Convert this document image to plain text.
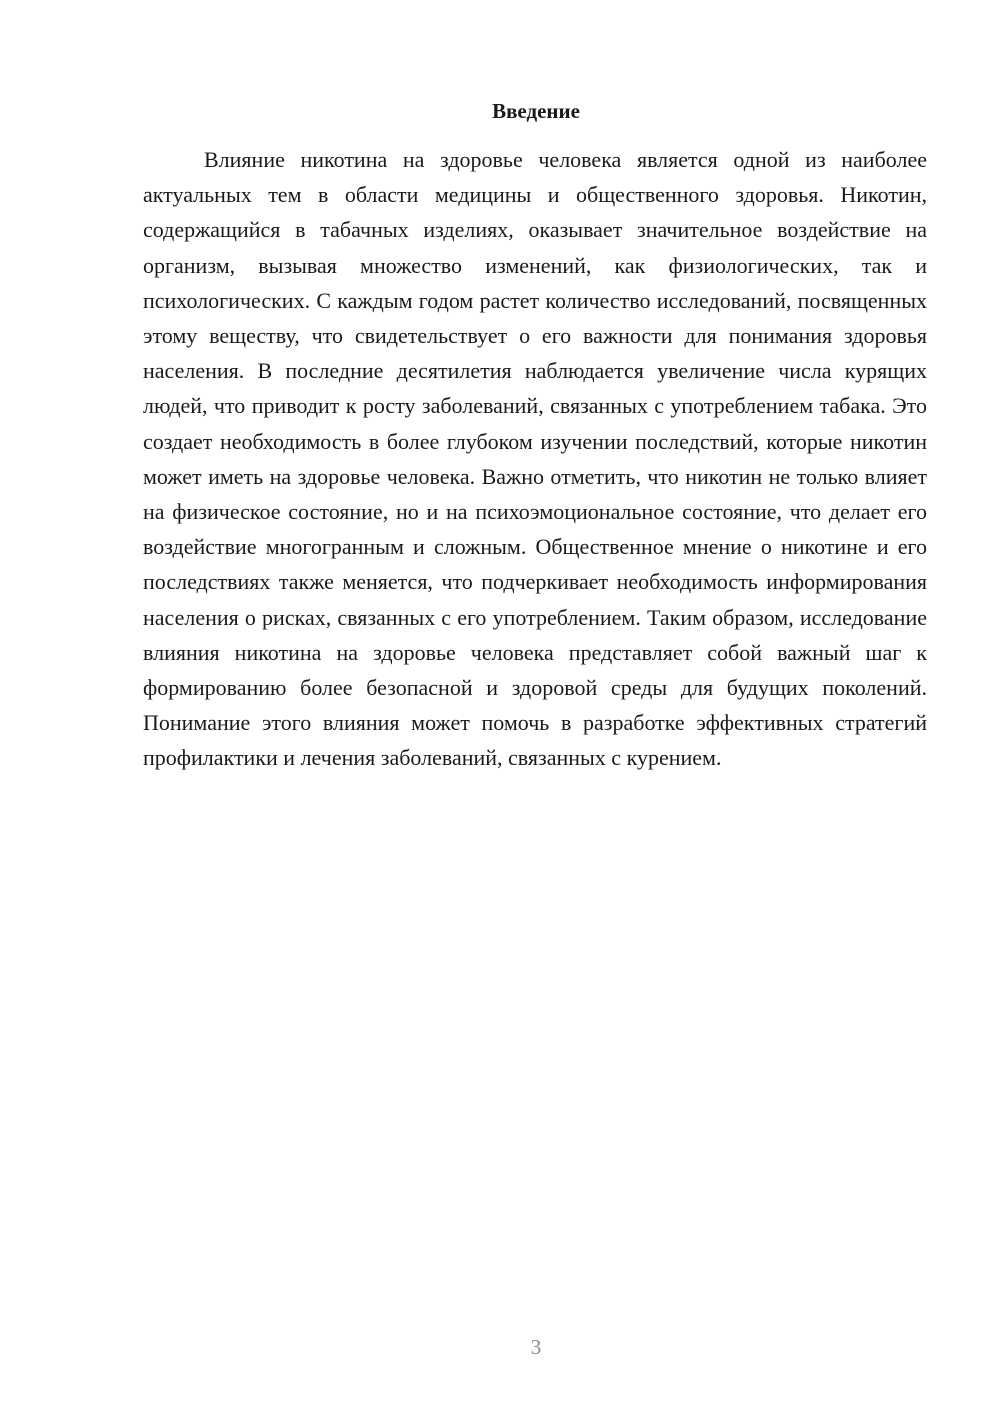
Введение

Влияние никотина на здоровье человека является одной из наиболее актуальных тем в области медицины и общественного здоровья. Никотин, содержащийся в табачных изделиях, оказывает значительное воздействие на организм, вызывая множество изменений, как физиологических, так и психологических. С каждым годом растет количество исследований, посвященных этому веществу, что свидетельствует о его важности для понимания здоровья населения. В последние десятилетия наблюдается увеличение числа курящих людей, что приводит к росту заболеваний, связанных с употреблением табака. Это создает необходимость в более глубоком изучении последствий, которые никотин может иметь на здоровье человека. Важно отметить, что никотин не только влияет на физическое состояние, но и на психоэмоциональное состояние, что делает его воздействие многогранным и сложным. Общественное мнение о никотине и его последствиях также меняется, что подчеркивает необходимость информирования населения о рисках, связанных с его употреблением. Таким образом, исследование влияния никотина на здоровье человека представляет собой важный шаг к формированию более безопасной и здоровой среды для будущих поколений. Понимание этого влияния может помочь в разработке эффективных стратегий профилактики и лечения заболеваний, связанных с курением.

3
